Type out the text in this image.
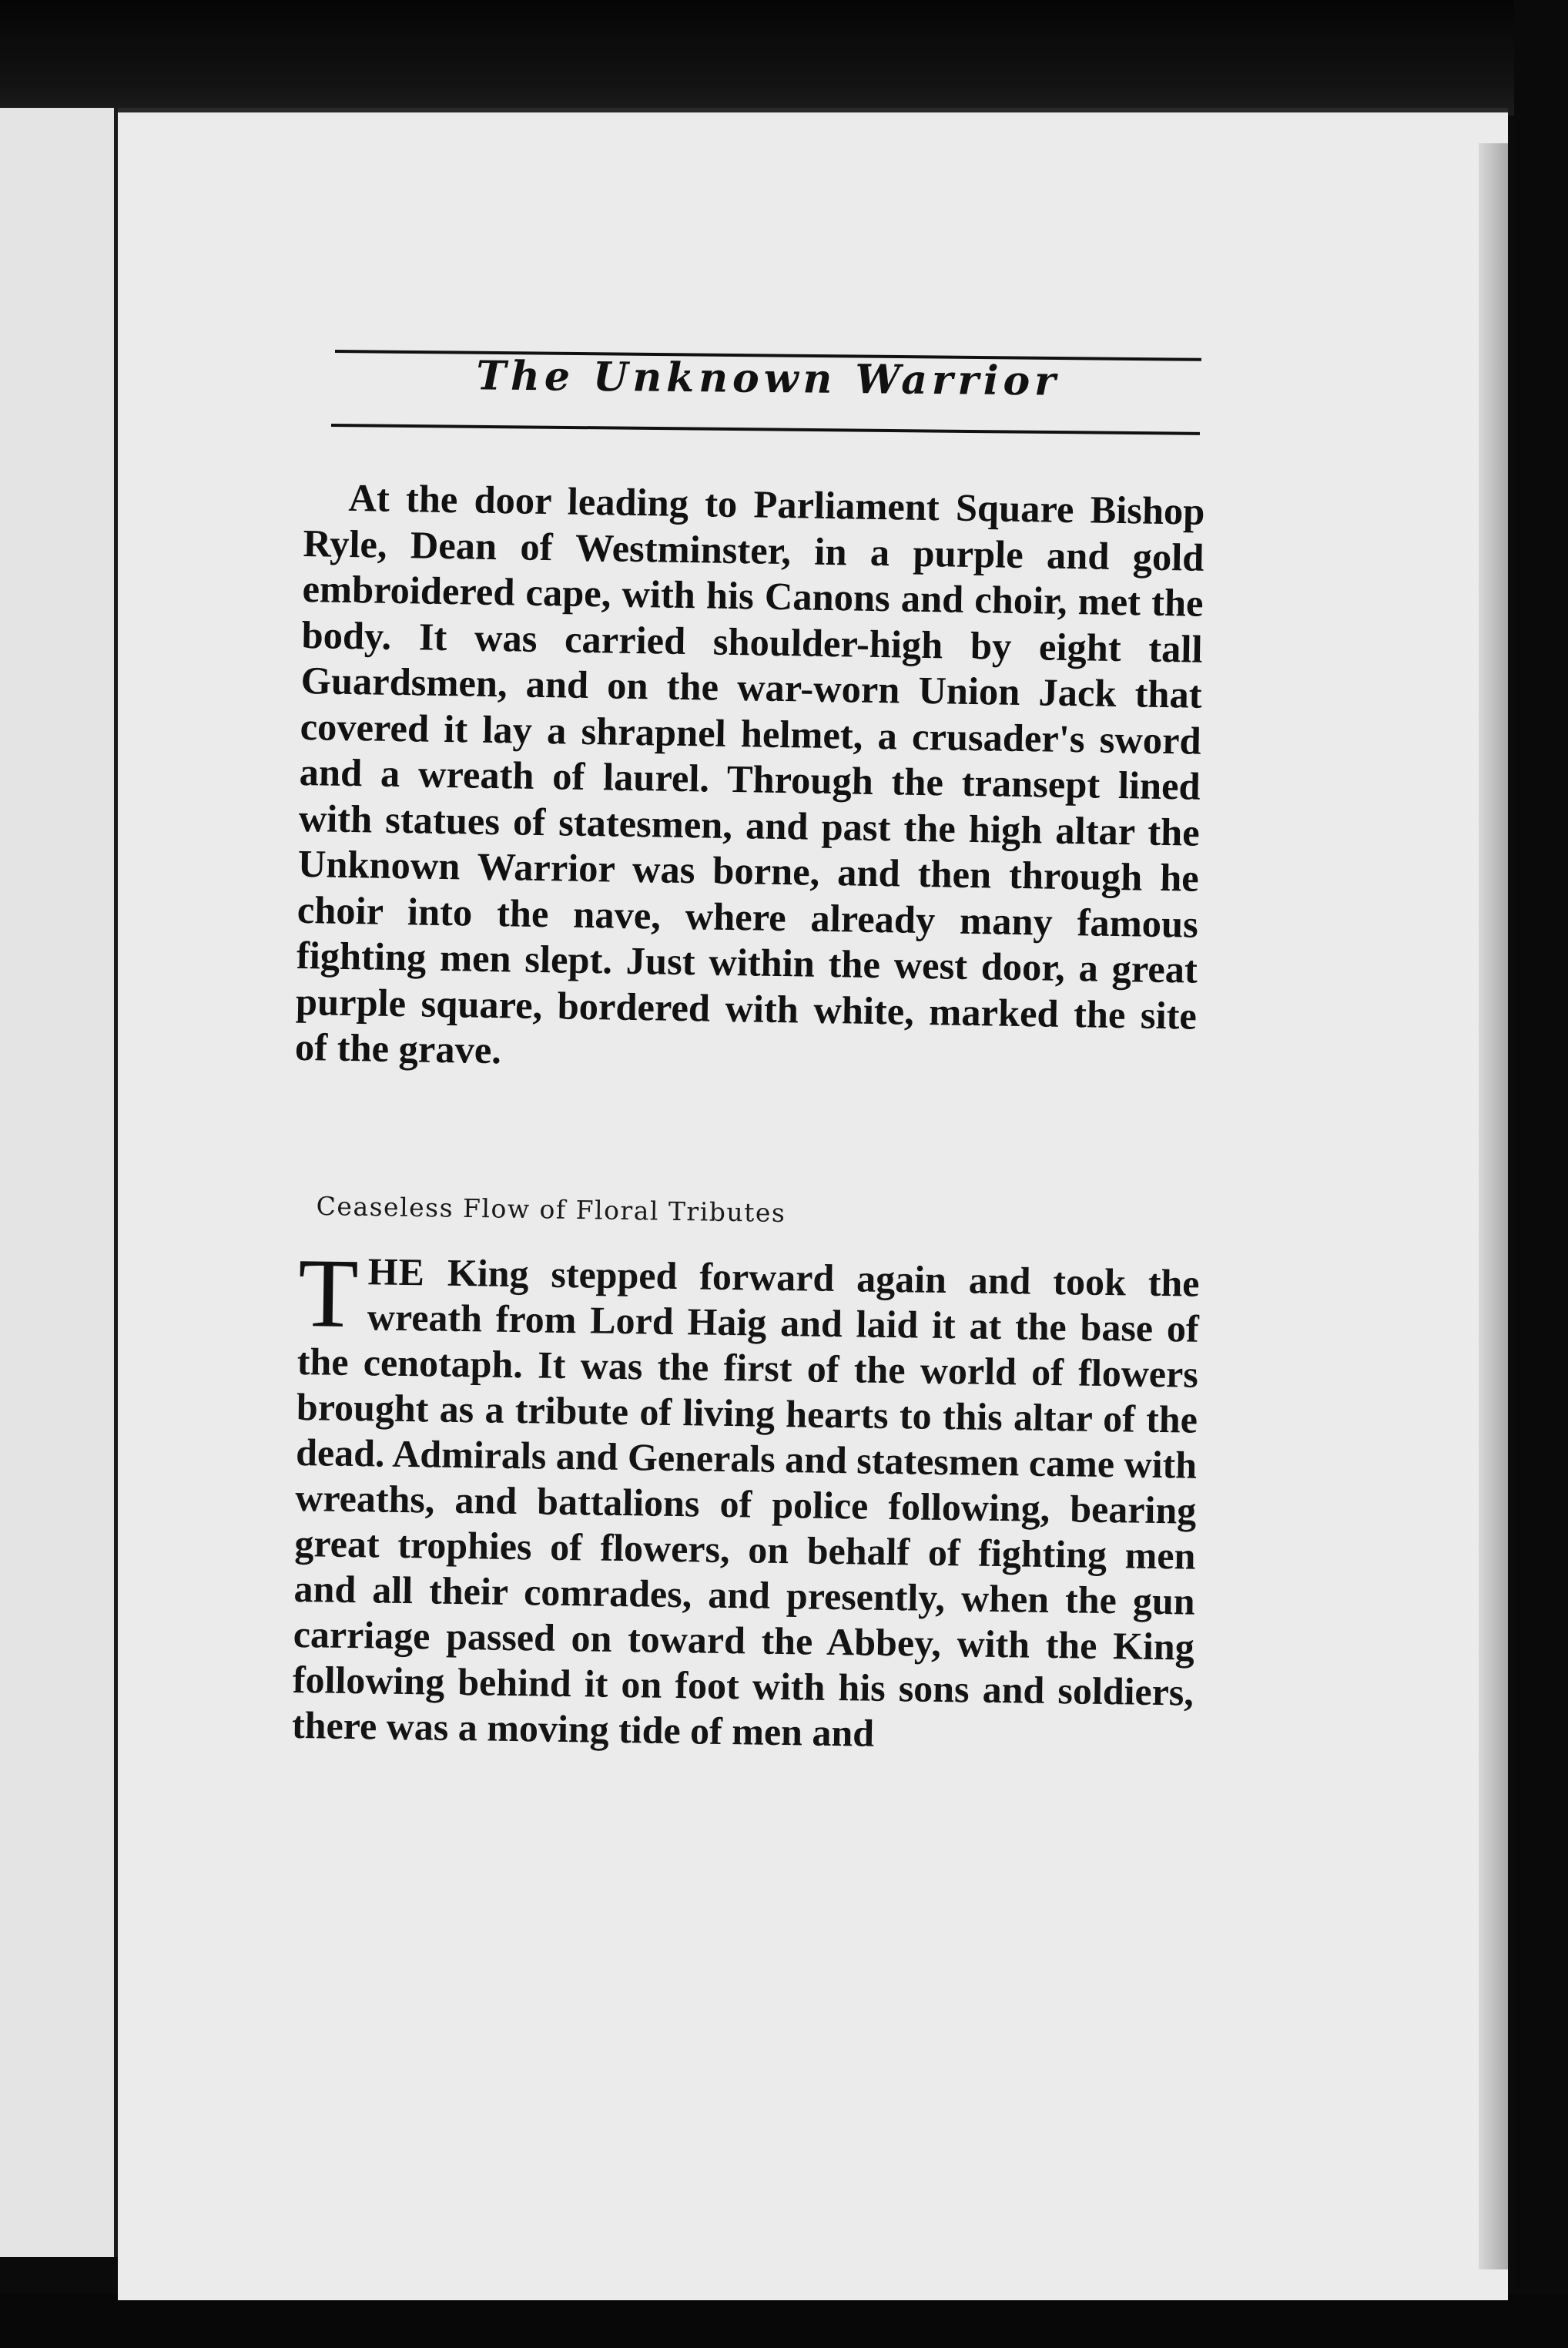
The Unknown Warrior

At the door leading to Parliament Square Bishop Ryle, Dean of Westminster, in a purple and gold embroidered cape, with his Canons and choir, met the body. It was carried shoulder-high by eight tall Guardsmen, and on the war-worn Union Jack that covered it lay a shrapnel helmet, a crusader's sword and a wreath of laurel. Through the transept lined with statues of statesmen, and past the high altar the Unknown Warrior was borne, and then through he choir into the nave, where already many famous fighting men slept. Just within the west door, a great purple square, bordered with white, marked the site of the grave.

Ceaseless Flow of Floral Tributes

THE King stepped forward again and took the wreath from Lord Haig and laid it at the base of the cenotaph. It was the first of the world of flowers brought as a tribute of living hearts to this altar of the dead. Admirals and Generals and statesmen came with wreaths, and battalions of police following, bearing great trophies of flowers, on behalf of fighting men and all their comrades, and presently, when the gun carriage passed on toward the Abbey, with the King following behind it on foot with his sons and soldiers, there was a moving tide of men and
